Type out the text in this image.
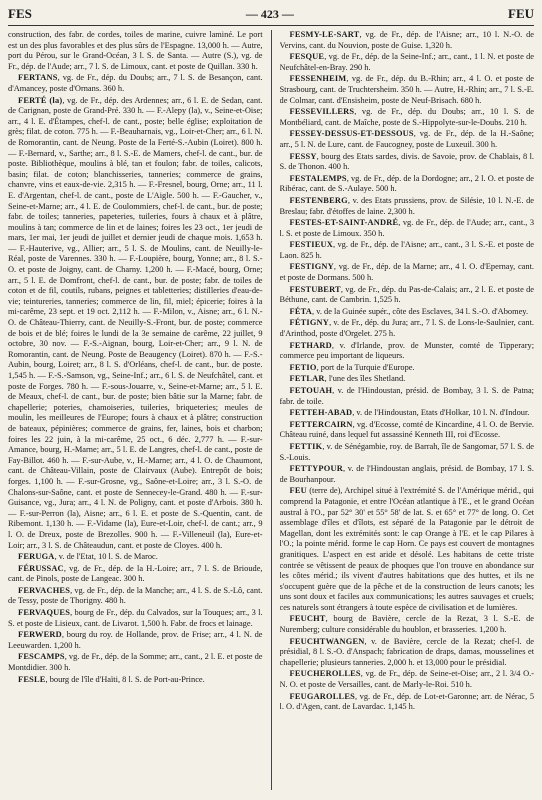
FES	— 423 —	FEU

construction, des fabr. de cordes, toiles de marine, cuivre laminé. Le port est un des plus favorables et des plus sûrs de l'Espagne. 13,000 h. — Autre, port du Pérou, sur le Grand-Océan, 3 l. S. de Santa. — Autre (S.), vg. de Fr., dép. de l'Aude; arr., 7 l. S. de Limoux, cant. et poste de Quillan. 330 h.

FERTANS, vg. de Fr., dép. du Doubs; arr., 7 l. S. de Besançon, cant. d'Amancey, poste d'Ornans. 360 h.

FERTÉ (la), vg. de Fr., dép. des Ardennes; arr., 6 l. E. de Sedan, cant. de Carignan, poste de Grand-Pré. 330 h. — F.-Alepy (la), v., Seine-et-Oise; arr., 4 l. E. d'Étampes, chef-l. de cant., poste; belle église; exploitation de grès; filat. de coton. 775 h. — F.-Beauharnais, vg., Loir-et-Cher; arr., 6 l. N. de Romorantin, cant. de Neung. Poste de la Ferté-S.-Aubin (Loiret). 800 h. — F.-Bernard, v., Sarthe; arr., 8 l. S.-E. de Mamers, chef-l. de cant., bur. de poste. Bibliothèque, moulins à blé, tan et foulon; fabr. de toiles, calicots, basin; filat. de coton; blanchisseries, tanneries; commerce de grains, chanvre, vins et eaux-de-vie. 2,315 h. — F.-Fresnel, bourg, Orne; arr., 11 l. E. d'Argentan, chef-l. de cant., poste de L'Aigle. 500 h. — F.-Gaucher, v., Seine-et-Marne; arr., 4 l. E. de Coulommiers, chef-l. de cant., bur. de poste; fabr. de toiles; tanneries, papeteries, tuileries, fours à chaux et à plâtre, moulins à tan; commerce de lin et de laines; foires les 23 oct., 1er jeudi de mars, 1er mai, 1er jeudi de juillet et dernier jeudi de chaque mois. 1,653 h. — F.-Hauterive, vg., Allier; arr., 5 l. S. de Moulins, cant. de Neuilly-le-Réal, poste de Varennes. 330 h. — F.-Loupière, bourg, Yonne; arr., 8 l. S.-O. et poste de Joigny, cant. de Charny. 1,200 h. — F.-Macé, bourg, Orne; arr., 5 l. E. de Domfront, chef-l. de cant., bur. de poste; fabr. de toiles de coton et de fil, coutils, rubans, peignes et tabletteries; distilleries d'eau-de-vie; teintureries, tanneries; commerce de lin, fil, miel; épicerie; foires à la mi-carême, 23 sept. et 19 oct. 2,112 h. — F.-Milon, v., Aisne; arr., 6 l. N.-O. de Château-Thierry, cant. de Neuilly-S.-Front, bur. de poste; commerce de bois et de blé; foires le lundi de la 3e semaine de carême, 22 juillet, 9 octobre, 30 nov. — F.-S.-Aignan, bourg, Loir-et-Cher; arr., 9 l. N. de Romorantin, cant. de Neung. Poste de Beaugency (Loiret). 870 h. — F.-S.-Aubin, bourg, Loiret; arr., 8 l. S. d'Orléans, chef-l. de cant., bur. de poste. 1,545 h. — F.-S.-Samson, vg., Seine-Inf.; arr., 6 l. S. de Neufchâtel, cant. et poste de Forges. 780 h. — F.-sous-Jouarre, v., Seine-et-Marne; arr., 5 l. E. de Meaux, chef-l. de cant., bur. de poste; bien bâtie sur la Marne; fabr. de chapellerie; poteries, chamoiseries, tuileries, briqueteries; meules de moulin, les meilleures de l'Europe; fours à chaux et à plâtre; construction de bateaux, pépinières; commerce de grains, fer, laines, bois et charbon; foires les 22 juin, à la mi-carême, 25 oct., 6 déc. 2,777 h. — F.-sur-Amance, bourg, H.-Marne; arr., 5 l. E. de Langres, chef-l. de cant., poste de Fay-Billot. 460 h. — F.-sur-Aube, v., H.-Marne; arr., 4 l. O. de Chaumont, cant. de Château-Villain, poste de Clairvaux (Aube). Entrepôt de bois; forges. 1,100 h. — F.-sur-Grosne, vg., Saône-et-Loire; arr., 3 l. S.-O. de Chalons-sur-Saône, cant. et poste de Sennecey-le-Grand. 480 h. — F.-sur-Guisance, vg., Jura; arr., 4 l. N. de Poligny, cant. et poste d'Arbois. 380 h. — F.-sur-Perron (la), Aisne; arr., 6 l. E. et poste de S.-Quentin, cant. de Ribemont. 1,130 h. — F.-Vidame (la), Eure-et-Loir, chef-l. de cant.; arr., 9 l. O. de Dreux, poste de Brezolles. 900 h. — F.-Villeneuil (la), Eure-et-Loir; arr., 3 l. S. de Châteaudun, cant. et poste de Cloyes. 400 h.

FERUGA, v. de l'Etat, 10 l. S. de Maroc.

FÉRUSSAC, vg. de Fr., dép. de la H.-Loire; arr., 7 l. S. de Brioude, cant. de Pinols, poste de Langeac. 300 h.

FERVACHES, vg. de Fr., dép. de la Manche; arr., 4 l. S. de S.-Lô, cant. de Tessy, poste de Thorigny. 480 h.

FERVAQUES, bourg de Fr., dép. du Calvados, sur la Touques; arr., 3 l. S. et poste de Lisieux, cant. de Livarot. 1,500 h. Fabr. de frocs et lainage.

FERWERD, bourg du roy. de Hollande, prov. de Frise; arr., 4 l. N. de Leeuwarden. 1,200 h.

FESCAMPS, vg. de Fr., dép. de la Somme; arr., cant., 2 l. E. et poste de Montdidier. 300 h.

FESLE, bourg de l'île d'Haïti, 8 l. S. de Port-au-Prince.

FESMY-LE-SART, vg. de Fr., dép. de l'Aisne; arr., 10 l. N.-O. de Vervins, cant. du Nouvion, poste de Guise. 1,320 h.

FESQUE, vg. de Fr., dép. de la Seine-Inf.; arr., cant., 1 l. N. et poste de Neufchâtel-en-Bray. 290 h.

FESSENHEIM, vg. de Fr., dép. du B.-Rhin; arr., 4 l. O. et poste de Strasbourg, cant. de Truchtersheim. 350 h. — Autre, H.-Rhin; arr., 7 l. S.-E. de Colmar, cant. d'Ensisheim, poste de Neuf-Brisach. 680 h.

FESSEVILLERS, vg. de Fr., dép. du Doubs; arr., 10 l. S. de Montbéliard, cant. de Maîche, poste de S.-Hippolyte-sur-le-Doubs. 210 h.

FESSEY-DESSUS-ET-DESSOUS, vg. de Fr., dép. de la H.-Saône; arr., 5 l. N. de Lure, cant. de Faucogney, poste de Luxeuil. 300 h.

FESSY, bourg des Etats sardes, divis. de Savoie, prov. de Chablais, 8 l. S. de Thonon. 400 h.

FESTALEMPS, vg. de Fr., dép. de la Dordogne; arr., 2 l. O. et poste de Ribérac, cant. de S.-Aulaye. 500 h.

FESTENBERG, v. des Etats prussiens, prov. de Silésie, 10 l. N.-E. de Breslau; fabr. d'étoffes de laine. 2,300 h.

FESTES-ET-SAINT-ANDRÉ, vg. de Fr., dép. de l'Aude; arr., cant., 3 l. S. et poste de Limoux. 350 h.

FESTIEUX, vg. de Fr., dép. de l'Aisne; arr., cant., 3 l. S.-E. et poste de Laon. 825 h.

FESTIGNY, vg. de Fr., dép. de la Marne; arr., 4 l. O. d'Epernay, cant. et poste de Dormans. 500 h.

FESTUBERT, vg. de Fr., dép. du Pas-de-Calais; arr., 2 l. E. et poste de Béthune, cant. de Cambrin. 1,525 h.

FÉTA, v. de la Guinée supér., côte des Esclaves, 34 l. S.-O. d'Abomey.

FÉTIGNY, v. de Fr., dép. du Jura; arr., 7 l. S. de Lons-le-Saulnier, cant. d'Arinthod, poste d'Orgelet. 275 h.

FETHARD, v. d'Irlande, prov. de Munster, comté de Tipperary; commerce peu important de liqueurs.

FETIO, port de la Turquie d'Europe.

FETLAR, l'une des îles Shetland.

FETOUAH, v. de l'Hindoustan, présid. de Bombay, 3 l. S. de Patna; fabr. de toile.

FETTEH-ABAD, v. de l'Hindoustan, Etats d'Holkar, 10 l. N. d'Indour.

FETTERCAIRN, vg. d'Ecosse, comté de Kincardine, 4 l. O. de Bervie. Château ruiné, dans lequel fut assassiné Kenneth III, roi d'Ecosse.

FETTIK, v. de Sénégambie, roy. de Barrah, île de Sangomar, 57 l. S. de S.-Louis.

FETTYPOUR, v. de l'Hindoustan anglais, présid. de Bombay, 17 l. S. de Bourhanpour.

FEU (terre de), Archipel situé à l'extrémité S. de l'Amérique mérid., qui comprend la Patagonie, et entre l'Océan atlantique à l'E., et le grand Océan austral à l'O., par 52° 30' et 55° 58' de lat. S. et 65° et 77° de long. O. Cet assemblage d'îles et d'îlots, est séparé de la Patagonie par le détroit de Magellan, dont les extrémités sont: le cap Orange à l'E. et le cap Pilares à l'O.; la pointe mérid. forme le cap Horn. Ce pays est couvert de montagnes granitiques. L'aspect en est aride et désolé. Les habitans de cette triste contrée se vêtissent de peaux de phoques que l'on trouve en abondance sur les côtes mérid.; ils vivent d'autres habitations que des huttes, et ils ne s'occupent guère que de la pêche et de la construction de leurs canots; les uns sont doux et faciles aux communications; les autres sauvages et cruels; ces naturels sont étrangers à toute espèce de civilisation et de lumières.

FEUCHT, bourg de Bavière, cercle de la Rezat, 3 l. S.-E. de Nuremberg; culture considérable du houblon, et brasseries. 1,200 h.

FEUCHTWANGEN, v. de Bavière, cercle de la Rezat; chef-l. de présidial, 8 l. S.-O. d'Anspach; fabrication de draps, damas, mousselines et chapellerie; plusieurs tanneries. 2,000 h. et 13,000 pour le présidial.

FEUCHEROLLES, vg. de Fr., dép. de Seine-et-Oise; arr., 2 l. 3/4 O.-N. O. et poste de Versailles, cant. de Marly-le-Roi. 510 h.

FEUGAROLLES, vg. de Fr., dép. de Lot-et-Garonne; arr. de Nérac, 5 l. O. d'Agen, cant. de Lavardac. 1,145 h.
